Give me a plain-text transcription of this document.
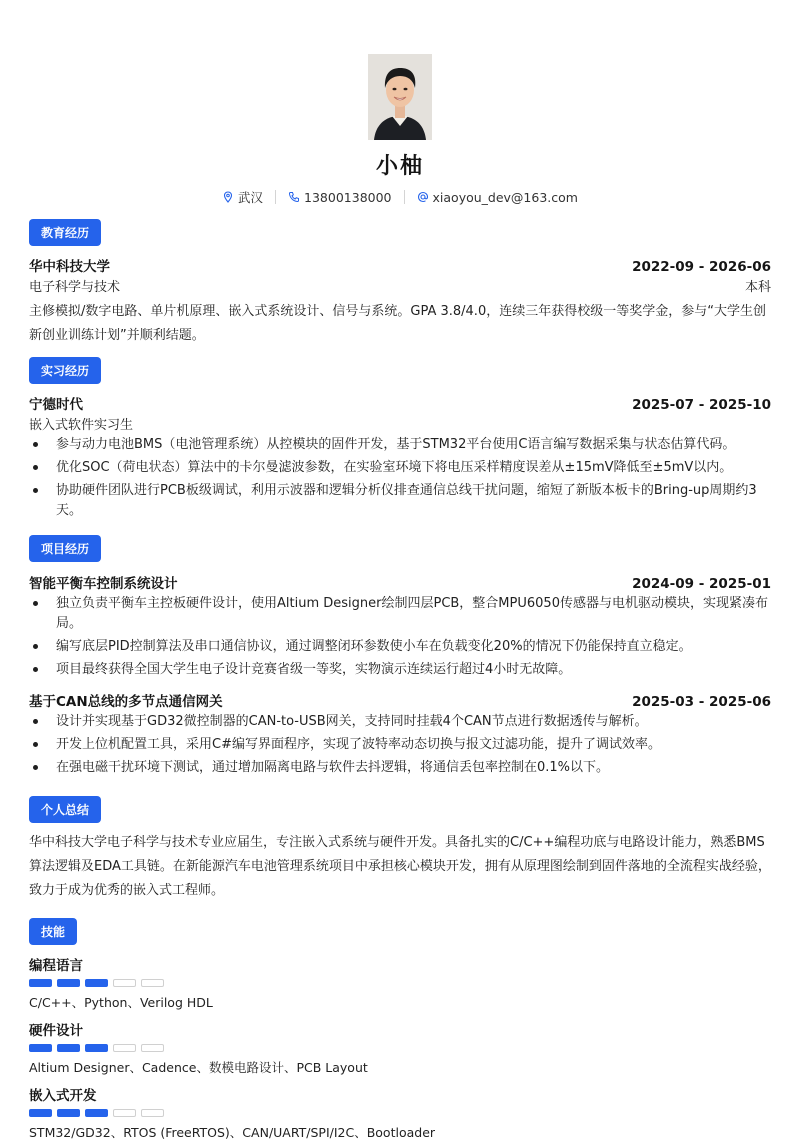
小柚
武汉	13800138000	xiaoyou_dev@163.com
教育经历
华中科技大学	2022-09 - 2026-06
电子科学与技术	本科

主修模拟/数字电路、单片机原理、嵌入式系统设计、信号与系统。GPA 3.8/4.0，连续三年获得校级一等奖学金，参与“大学生创新创业训练计划”并顺利结题。

实习经历
宁德时代	2025-07 - 2025-10
嵌入式软件实习生
参与动力电池BMS（电池管理系统）从控模块的固件开发，基于STM32平台使用C语言编写数据采集与状态估算代码。
优化SOC（荷电状态）算法中的卡尔曼滤波参数，在实验室环境下将电压采样精度误差从±15mV降低至±5mV以内。
协助硬件团队进行PCB板级调试，利用示波器和逻辑分析仪排查通信总线干扰问题，缩短了新版本板卡的Bring-up周期约3天。
项目经历
智能平衡车控制系统设计	2024-09 - 2025-01
独立负责平衡车主控板硬件设计，使用Altium Designer绘制四层PCB，整合MPU6050传感器与电机驱动模块，实现紧凑布局。
编写底层PID控制算法及串口通信协议，通过调整闭环参数使小车在负载变化20%的情况下仍能保持直立稳定。
项目最终获得全国大学生电子设计竞赛省级一等奖，实物演示连续运行超过4小时无故障。
基于CAN总线的多节点通信网关	2025-03 - 2025-06
设计并实现基于GD32微控制器的CAN-to-USB网关，支持同时挂载4个CAN节点进行数据透传与解析。
开发上位机配置工具，采用C#编写界面程序，实现了波特率动态切换与报文过滤功能，提升了调试效率。
在强电磁干扰环境下测试，通过增加隔离电路与软件去抖逻辑，将通信丢包率控制在0.1%以下。
个人总结

华中科技大学电子科学与技术专业应届生，专注嵌入式系统与硬件开发。具备扎实的C/C++编程功底与电路设计能力，熟悉BMS算法逻辑及EDA工具链。在新能源汽车电池管理系统项目中承担核心模块开发，拥有从原理图绘制到固件落地的全流程实战经验，致力于成为优秀的嵌入式工程师。

技能
编程语言
C/C++、Python、Verilog HDL
硬件设计
Altium Designer、Cadence、数模电路设计、PCB Layout
嵌入式开发
STM32/GD32、RTOS (FreeRTOS)、CAN/UART/SPI/I2C、Bootloader
